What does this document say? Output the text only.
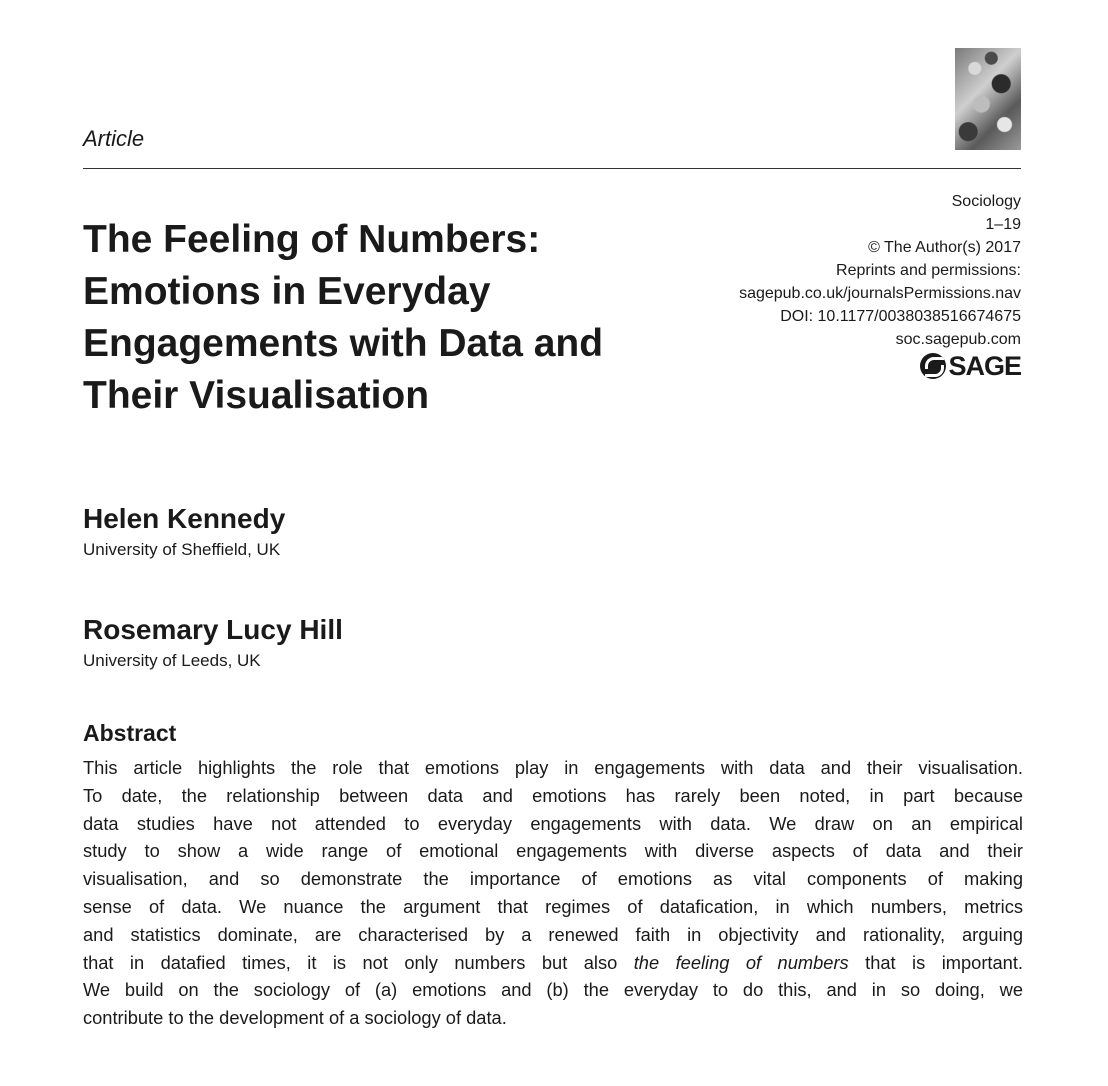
Article
Sociology
1–19
© The Author(s) 2017
Reprints and permissions:
sagepub.co.uk/journalsPermissions.nav
DOI: 10.1177/0038038516674675
soc.sagepub.com
SAGE
The Feeling of Numbers:
Emotions in Everyday
Engagements with Data and
Their Visualisation
Helen Kennedy
University of Sheffield, UK
Rosemary Lucy Hill
University of Leeds, UK
Abstract
This article highlights the role that emotions play in engagements with data and their visualisation.
To date, the relationship between data and emotions has rarely been noted, in part because
data studies have not attended to everyday engagements with data. We draw on an empirical
study to show a wide range of emotional engagements with diverse aspects of data and their
visualisation, and so demonstrate the importance of emotions as vital components of making
sense of data. We nuance the argument that regimes of datafication, in which numbers, metrics
and statistics dominate, are characterised by a renewed faith in objectivity and rationality, arguing
that in datafied times, it is not only numbers but also the feeling of numbers that is important.
We build on the sociology of (a) emotions and (b) the everyday to do this, and in so doing, we
contribute to the development of a sociology of data.
